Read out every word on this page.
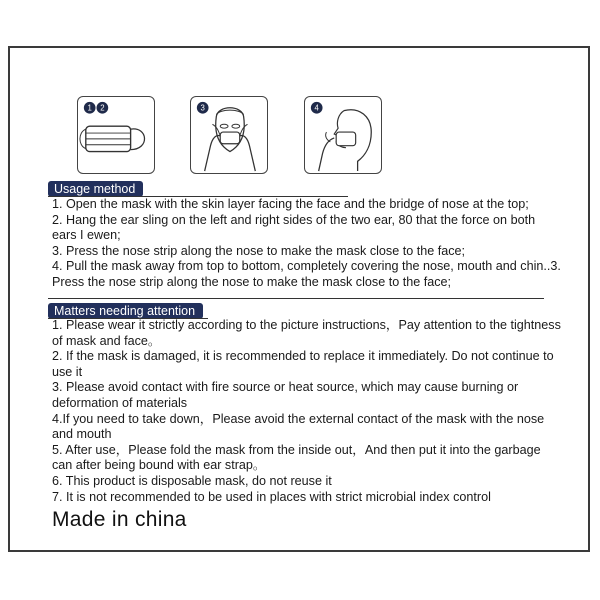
1 2	3	4
Usage method
1. Open the mask with the skin layer facing the face and the bridge of nose at the top;
2. Hang the ear sling on the left and right sides of the two ear, 80 that the force on both ears I ewen;
3. Press the nose strip along the nose to make the mask close to the face;
4. Pull the mask away from top to bottom, completely covering the nose, mouth and chin..3. Press the nose strip along the nose to make the mask close to the face;
Matters needing attention
1. Please wear it strictly according to the picture instructions，Pay attention to the tightness of mask and face。
2. If the mask is damaged, it is recommended to replace it immediately. Do not continue to use it
3. Please avoid contact with fire source or heat source, which may cause burning or deformation of materials
4.If you need to take down，Please avoid the external contact of the mask with the nose and mouth
5. After use，Please fold the mask from the inside out，And then put it into the garbage can after being bound with ear strap。
6. This product is disposable mask, do not reuse it
7. It is not recommended to be used in places with strict microbial index control
Made in china
